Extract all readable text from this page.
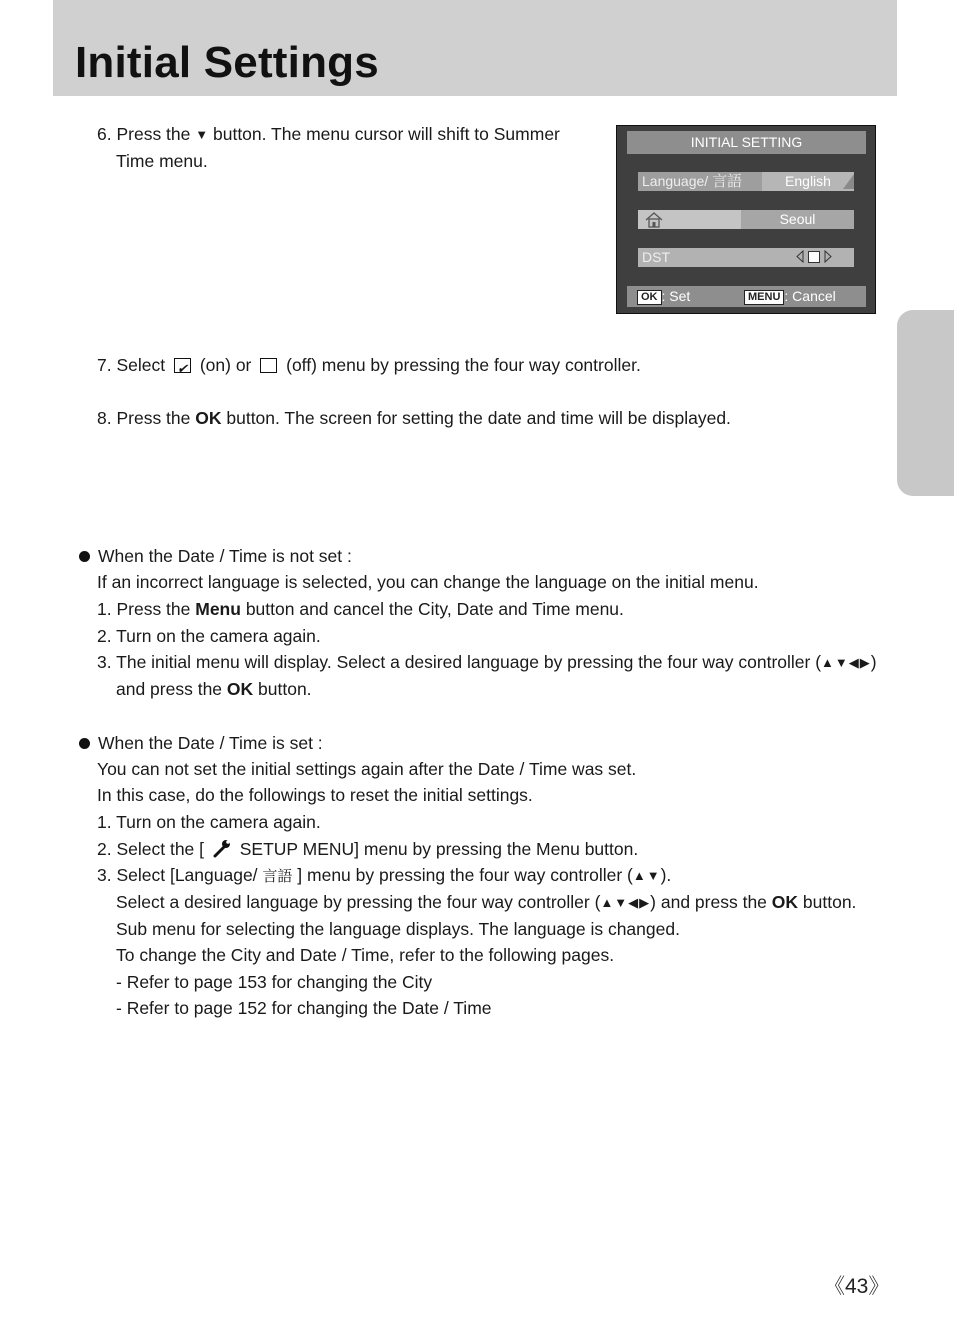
Initial Settings
6. Press the ▼ button. The menu cursor will shift to Summer
Time menu.
INITIAL SETTING
Language/ 言語	English
Seoul
DST
OK : Set	MENU : Cancel
7. Select ✔ (on) or  (off) menu by pressing the four way controller.
8. Press the OK button. The screen for setting the date and time will be displayed.
When the Date / Time is not set :
If an incorrect language is selected, you can change the language on the initial menu.
1. Press the Menu button and cancel the City, Date and Time menu.
2. Turn on the camera again.
3. The initial menu will display. Select a desired language by pressing the four way controller (▲▼◀▶)
and press the OK button.
When the Date / Time is set :
You can not set the initial settings again after the Date / Time was set.
In this case, do the followings to reset the initial settings.
1. Turn on the camera again.
2. Select the [  SETUP MENU] menu by pressing the Menu button.
3. Select [Language/ 言語 ] menu by pressing the four way controller (▲▼).
Select a desired language by pressing the four way controller (▲▼◀▶) and press the OK button.
Sub menu for selecting the language displays. The language is changed.
To change the City and Date / Time, refer to the following pages.
- Refer to page 153 for changing the City
- Refer to page 152 for changing the Date / Time
《43》
